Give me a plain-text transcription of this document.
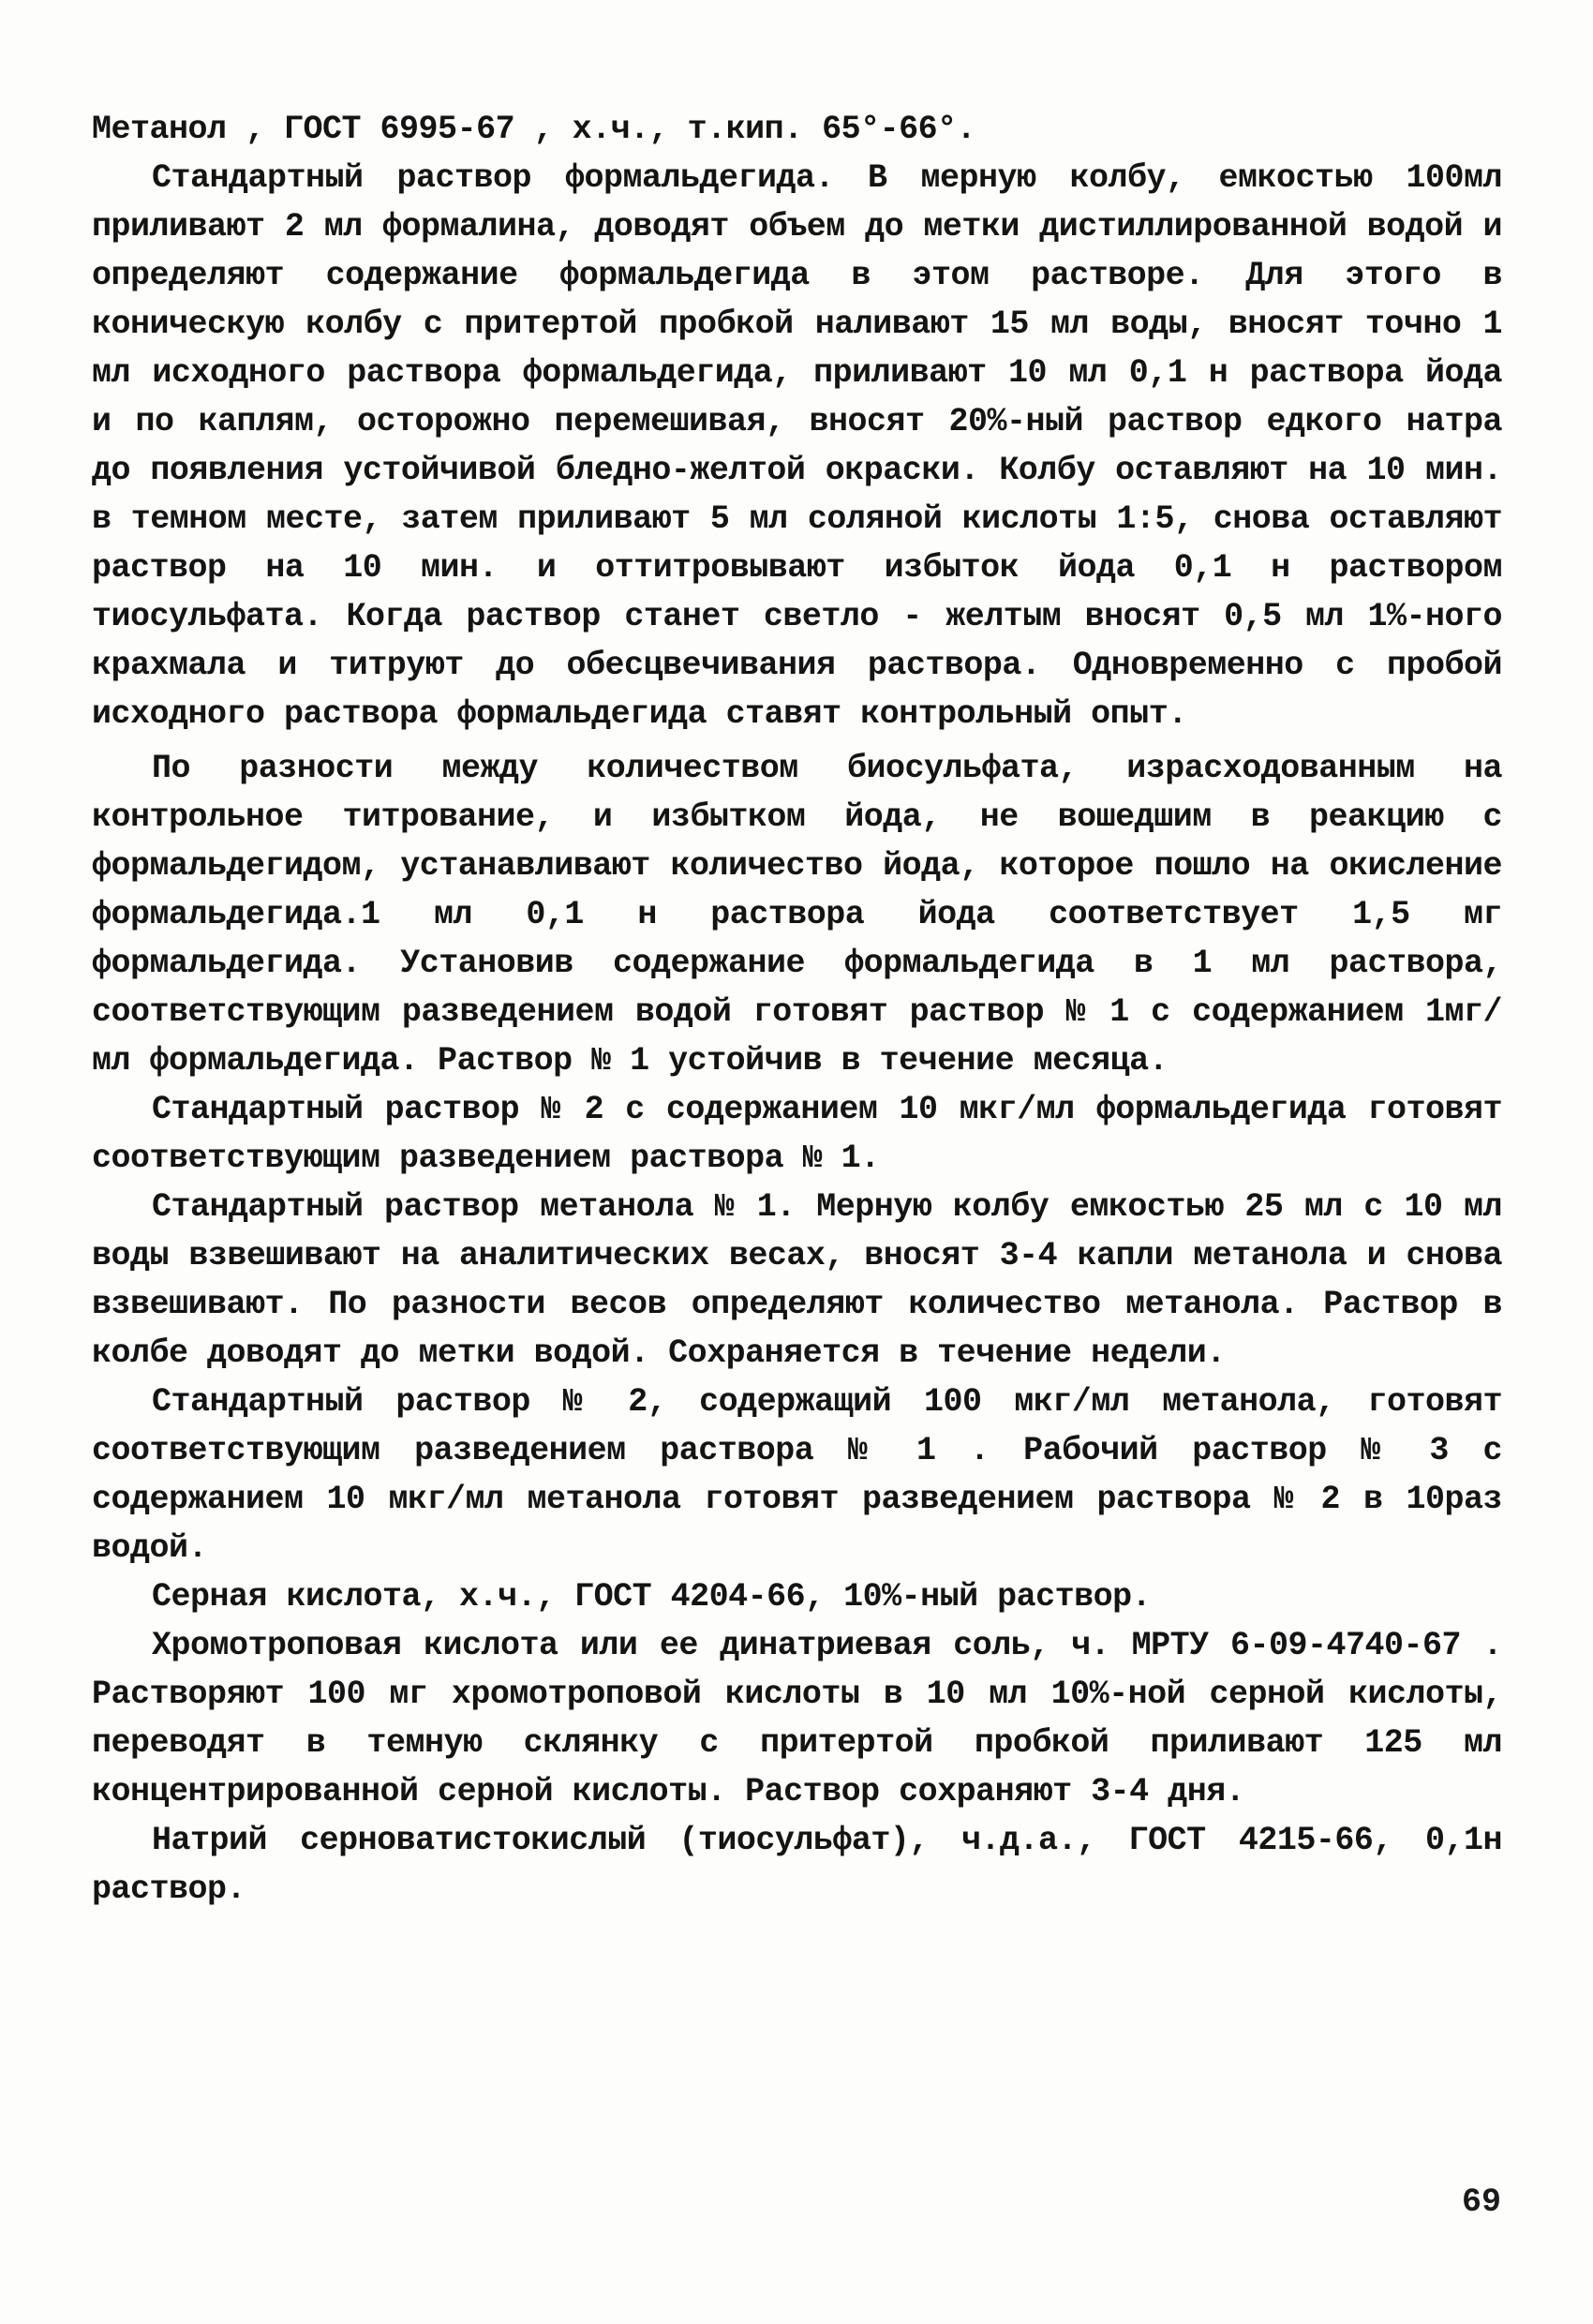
Метанол , ГОСТ 6995-67 , х.ч., т.кип. 65°-66°.

Стандартный раствор формальдегида. В мерную колбу, емкостью 100мл приливают 2 мл формалина, доводят объем до метки дистиллированной водой и определяют содержание формальдегида в этом растворе. Для этого в коническую колбу с притертой пробкой наливают 15 мл воды, вносят точно 1 мл исходного раствора формальдегида, приливают 10 мл 0,1 н раствора йода и по каплям, осторожно перемешивая, вносят 20%-ный раствор едкого натра до появления устойчивой бледно-желтой окраски. Колбу оставляют на 10 мин. в темном месте, затем приливают 5 мл соляной кислоты 1:5, снова оставляют раствор на 10 мин. и оттитровывают избыток йода 0,1 н раствором тиосульфата. Когда раствор станет светло - желтым вносят 0,5 мл 1%-ного крахмала и титруют до обесцвечивания раствора. Одновременно с пробой исходного раствора формальдегида ставят контрольный опыт.

По разности между количеством биосульфата, израсходованным на контрольное титрование, и избытком йода, не вошедшим в реакцию с формальдегидом, устанавливают количество йода, которое пошло на окисление формальдегида.1 мл 0,1 н раствора йода соответствует 1,5 мг формальдегида. Установив содержание формальдегида в 1 мл раствора, соответствующим разведением водой готовят раствор № 1 с содержанием 1мг/мл формальдегида. Раствор № 1 устойчив в течение месяца.

Стандартный раствор № 2 с содержанием 10 мкг/мл формальдегида готовят соответствующим разведением раствора № 1.

Стандартный раствор метанола № 1. Мерную колбу емкостью 25 мл с 10 мл воды взвешивают на аналитических весах, вносят 3-4 капли метанола и снова взвешивают. По разности весов определяют количество метанола. Раствор в колбе доводят до метки водой. Сохраняется в течение недели.

Стандартный раствор № 2, содержащий 100 мкг/мл метанола, готовят соответствующим разведением раствора № 1 . Рабочий раствор № 3 с содержанием 10 мкг/мл метанола готовят разведением раствора № 2 в 10раз водой.

Серная кислота, х.ч., ГОСТ 4204-66, 10%-ный раствор.

Хромотроповая кислота или ее динатриевая соль, ч. МРТУ 6-09-4740-67 . Растворяют 100 мг хромотроповой кислоты в 10 мл 10%-ной серной кислоты, переводят в темную склянку с притертой пробкой приливают 125 мл концентрированной серной кислоты. Раствор сохраняют 3-4 дня.

Натрий серноватистокислый (тиосульфат), ч.д.а., ГОСТ 4215-66, 0,1н раствор.

69
